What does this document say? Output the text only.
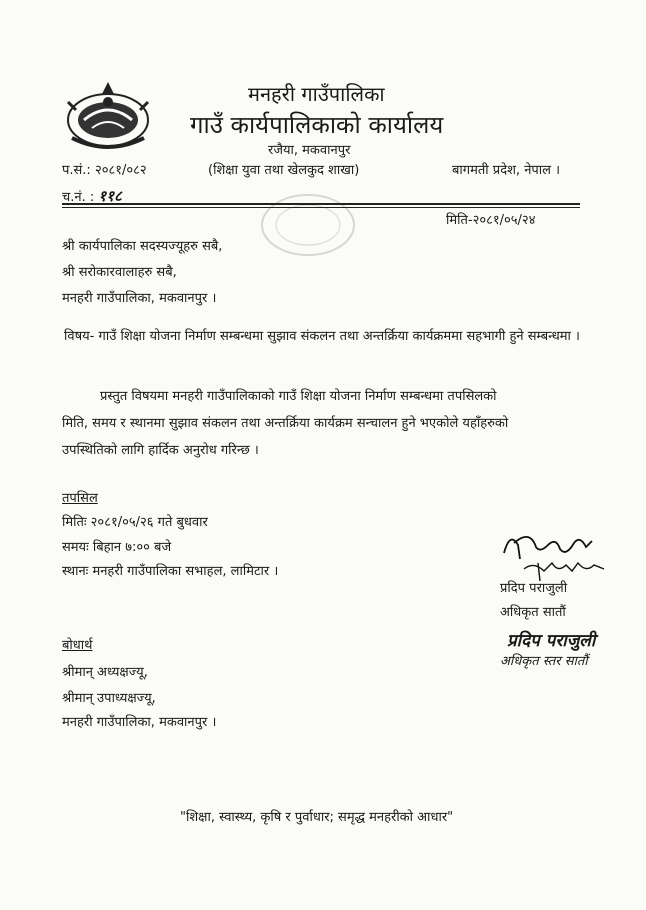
मनहरी गाउँपालिका
गाउँ कार्यपालिकाको कार्यालय
रजैया, मकवानपुर
प.सं.: २०८१/०८२	(शिक्षा युवा तथा खेलकुद शाखा)	बागमती प्रदेश, नेपाल ।
च.नं. : ११८
मिति-२०८१/०५/२४
श्री कार्यपालिका सदस्यज्यूहरु सबै,
श्री सरोकारवालाहरु सबै,
मनहरी गाउँपालिका, मकवानपुर ।
विषय- गाउँ शिक्षा योजना निर्माण सम्बन्धमा सुझाव संकलन तथा अन्तर्क्रिया कार्यक्रममा सहभागी हुने सम्बन्धमा ।
प्रस्तुत विषयमा मनहरी गाउँपालिकाको गाउँ शिक्षा योजना निर्माण सम्बन्धमा तपसिलको
मिति, समय र स्थानमा सुझाव संकलन तथा अन्तर्क्रिया कार्यक्रम सन्चालन हुने भएकोले यहाँहरुको
उपस्थितिको लागि हार्दिक अनुरोध गरिन्छ ।
तपसिल
मितिः २०८१/०५/२६ गते बुधवार
समयः बिहान ७:०० बजे
स्थानः मनहरी गाउँपालिका सभाहल, लामिटार ।
प्रदिप पराजुली
अधिकृत सातौं
प्रदिप पराजुली
अधिकृत स्तर सातौं
बोधार्थ
श्रीमान् अध्यक्षज्यू,
श्रीमान् उपाध्यक्षज्यू,
मनहरी गाउँपालिका, मकवानपुर ।
"शिक्षा, स्वास्थ्य, कृषि र पुर्वाधार; समृद्ध मनहरीको आधार"
